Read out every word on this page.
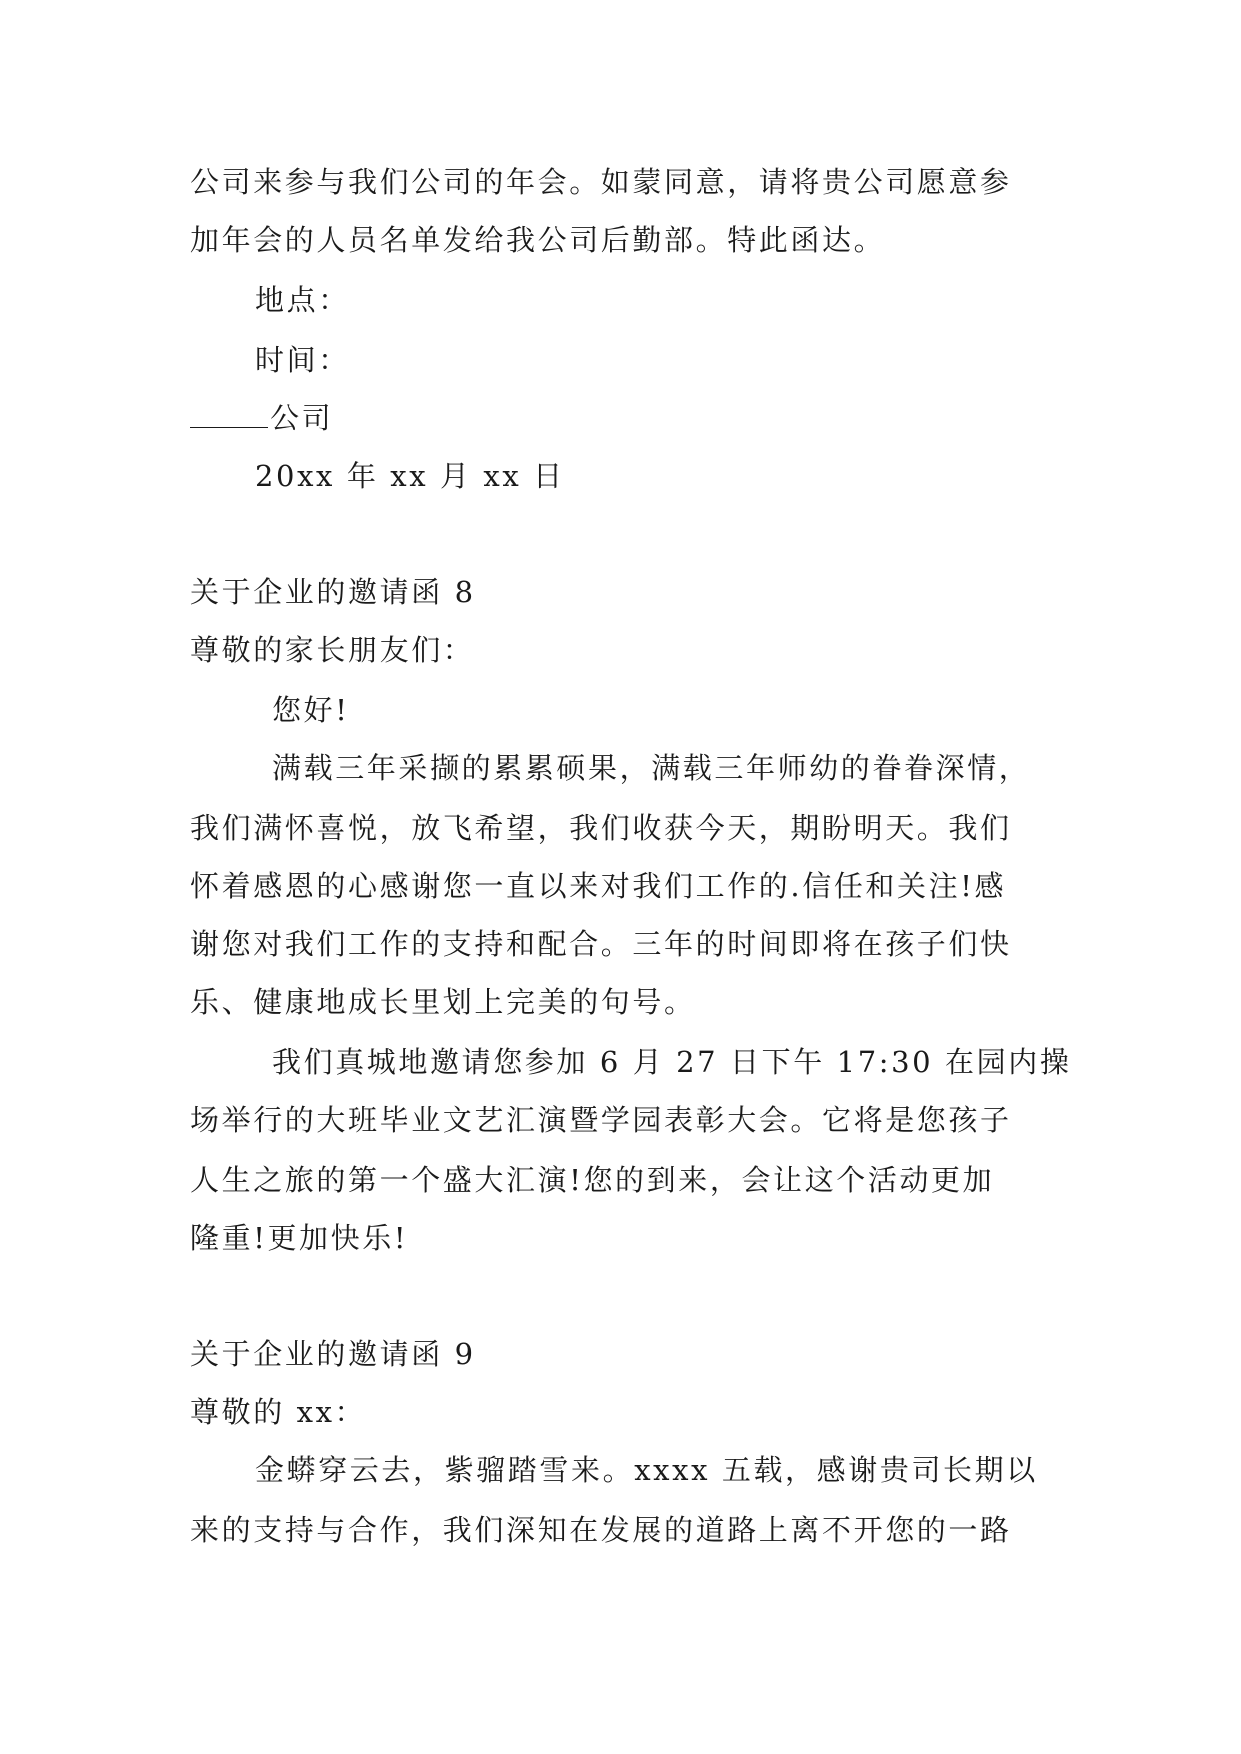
公司来参与我们公司的年会。如蒙同意，请将贵公司愿意参
加年会的人员名单发给我公司后勤部。特此函达。
地点：
时间：
公司
20xx 年 xx 月 xx 日
关于企业的邀请函 8
尊敬的家长朋友们：
您好!
满载三年采撷的累累硕果，满载三年师幼的眷眷深情，
我们满怀喜悦，放飞希望，我们收获今天，期盼明天。我们
怀着感恩的心感谢您一直以来对我们工作的.信任和关注!感
谢您对我们工作的支持和配合。三年的时间即将在孩子们快
乐、健康地成长里划上完美的句号。
我们真城地邀请您参加 6 月 27 日下午 17:30 在园内操
场举行的大班毕业文艺汇演暨学园表彰大会。它将是您孩子
人生之旅的第一个盛大汇演!您的到来，会让这个活动更加
隆重!更加快乐!
关于企业的邀请函 9
尊敬的 xx：
金蟒穿云去，紫骝踏雪来。xxxx 五载，感谢贵司长期以
来的支持与合作，我们深知在发展的道路上离不开您的一路
